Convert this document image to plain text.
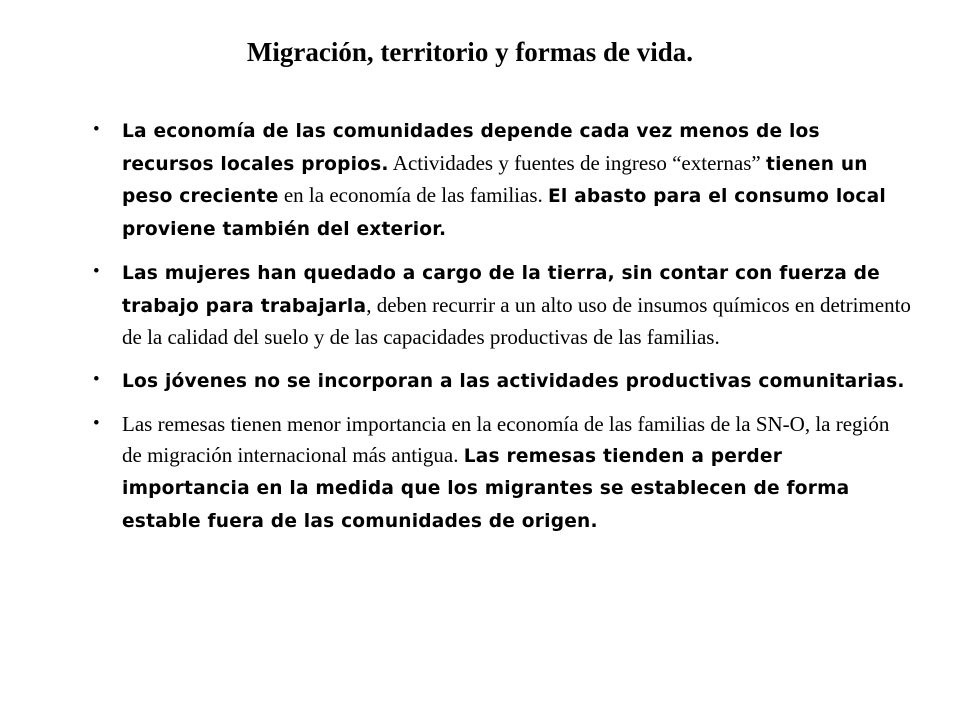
Migración, territorio y formas de vida.
• La economía de las comunidades depende cada vez menos de los recursos locales propios. Actividades y fuentes de ingreso “externas” tienen un peso creciente en la economía de las familias. El abasto para el consumo local proviene también del exterior.
• Las mujeres han quedado a cargo de la tierra, sin contar con fuerza de trabajo para trabajarla, deben recurrir a un alto uso de insumos químicos en detrimento de la calidad del suelo y de las capacidades productivas de las familias.
• Los jóvenes no se incorporan a las actividades productivas comunitarias.
• Las remesas tienen menor importancia en la economía de las familias de la SN-O, la región de migración internacional más antigua. Las remesas tienden a perder importancia en la medida que los migrantes se establecen de forma estable fuera de las comunidades de origen.
